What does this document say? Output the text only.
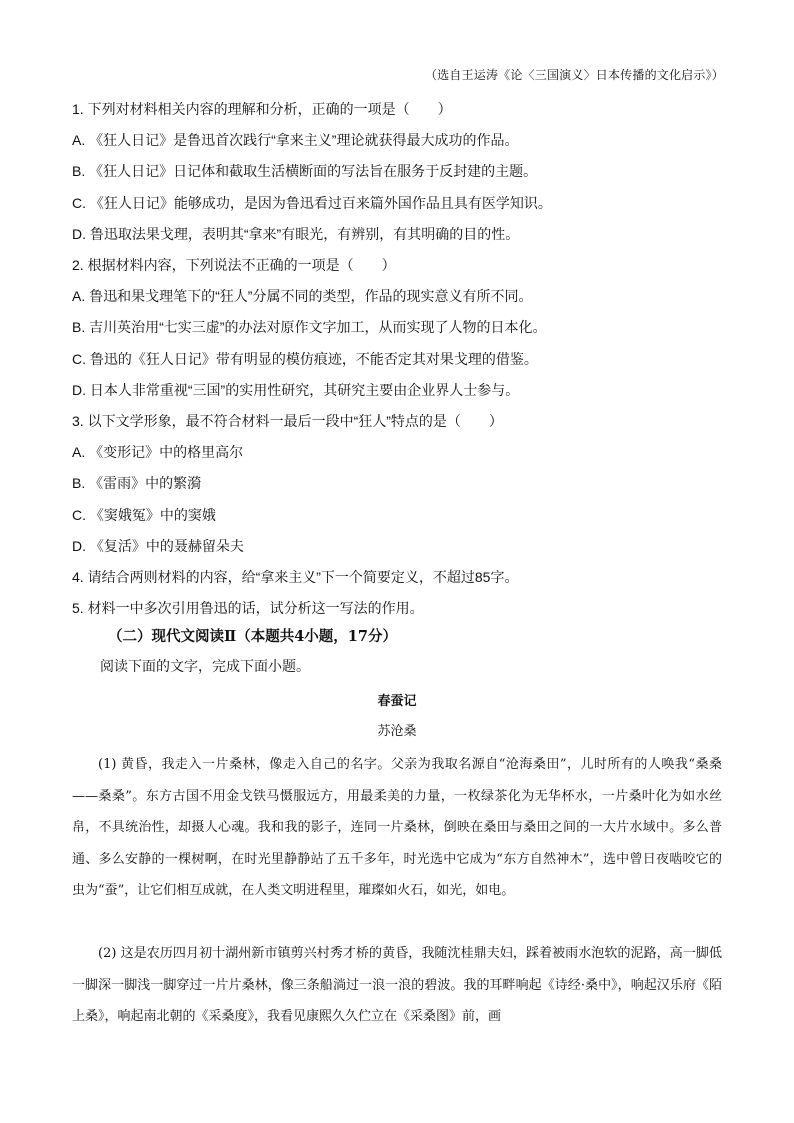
（选自王运涛《论〈三国演义〉日本传播的文化启示》）

1. 下列对材料相关内容的理解和分析，正确的一项是（　　）

A. 《狂人日记》是鲁迅首次践行“拿来主义”理论就获得最大成功的作品。

B. 《狂人日记》日记体和截取生活横断面的写法旨在服务于反封建的主题。

C. 《狂人日记》能够成功，是因为鲁迅看过百来篇外国作品且具有医学知识。

D. 鲁迅取法果戈理，表明其“拿来”有眼光，有辨别，有其明确的目的性。

2. 根据材料内容，下列说法不正确的一项是（　　）

A. 鲁迅和果戈理笔下的“狂人”分属不同的类型，作品的现实意义有所不同。

B. 吉川英治用“七实三虚”的办法对原作文字加工，从而实现了人物的日本化。

C. 鲁迅的《狂人日记》带有明显的模仿痕迹，不能否定其对果戈理的借鉴。

D. 日本人非常重视“三国”的实用性研究，其研究主要由企业界人士参与。

3. 以下文学形象，最不符合材料一最后一段中“狂人”特点的是（　　）

A. 《变形记》中的格里高尔

B. 《雷雨》中的繁漪

C. 《窦娥冤》中的窦娥

D. 《复活》中的聂赫留朵夫

4. 请结合两则材料的内容，给“拿来主义”下一个简要定义，不超过85字。

5. 材料一中多次引用鲁迅的话，试分析这一写法的作用。

（二）现代文阅读Ⅱ（本题共4小题，17分）
阅读下面的文字，完成下面小题。
春蚕记
苏沧桑

(1) 黄昏，我走入一片桑林，像走入自己的名字。父亲为我取名源自“沧海桑田”，儿时所有的人唤我“桑桑——桑桑”。东方古国不用金戈铁马慑服远方，用最柔美的力量，一枚绿茶化为无华杯水，一片桑叶化为如水丝帛，不具统治性，却摄人心魂。我和我的影子，连同一片桑林，倒映在桑田与桑田之间的一大片水域中。多么普通、多么安静的一棵树啊，在时光里静静站了五千多年，时光选中它成为“东方自然神木”，选中曾日夜啮咬它的虫为“蚕”，让它们相互成就，在人类文明进程里，璀璨如火石，如光，如电。

(2) 这是农历四月初十湖州新市镇剪兴村秀才桥的黄昏，我随沈桂鼎夫妇，踩着被雨水泡软的泥路，高一脚低一脚深一脚浅一脚穿过一片片桑林，像三条船淌过一浪一浪的碧波。我的耳畔响起《诗经·桑中》，响起汉乐府《陌上桑》，响起南北朝的《采桑度》，我看见康熙久久伫立在《采桑图》前，画
